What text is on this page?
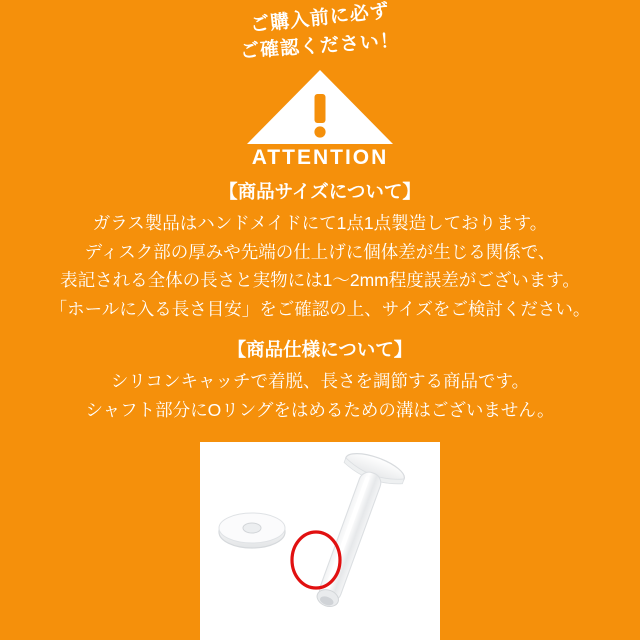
ご購入前に必ず
ご確認ください！
ATTENTION
【商品サイズについて】
ガラス製品はハンドメイドにて1点1点製造しております。
ディスク部の厚みや先端の仕上げに個体差が生じる関係で、
表記される全体の長さと実物には1〜2mm程度誤差がございます。
「ホールに入る長さ目安」をご確認の上、サイズをご検討ください。
【商品仕様について】
シリコンキャッチで着脱、長さを調節する商品です。
シャフト部分にOリングをはめるための溝はございません。
